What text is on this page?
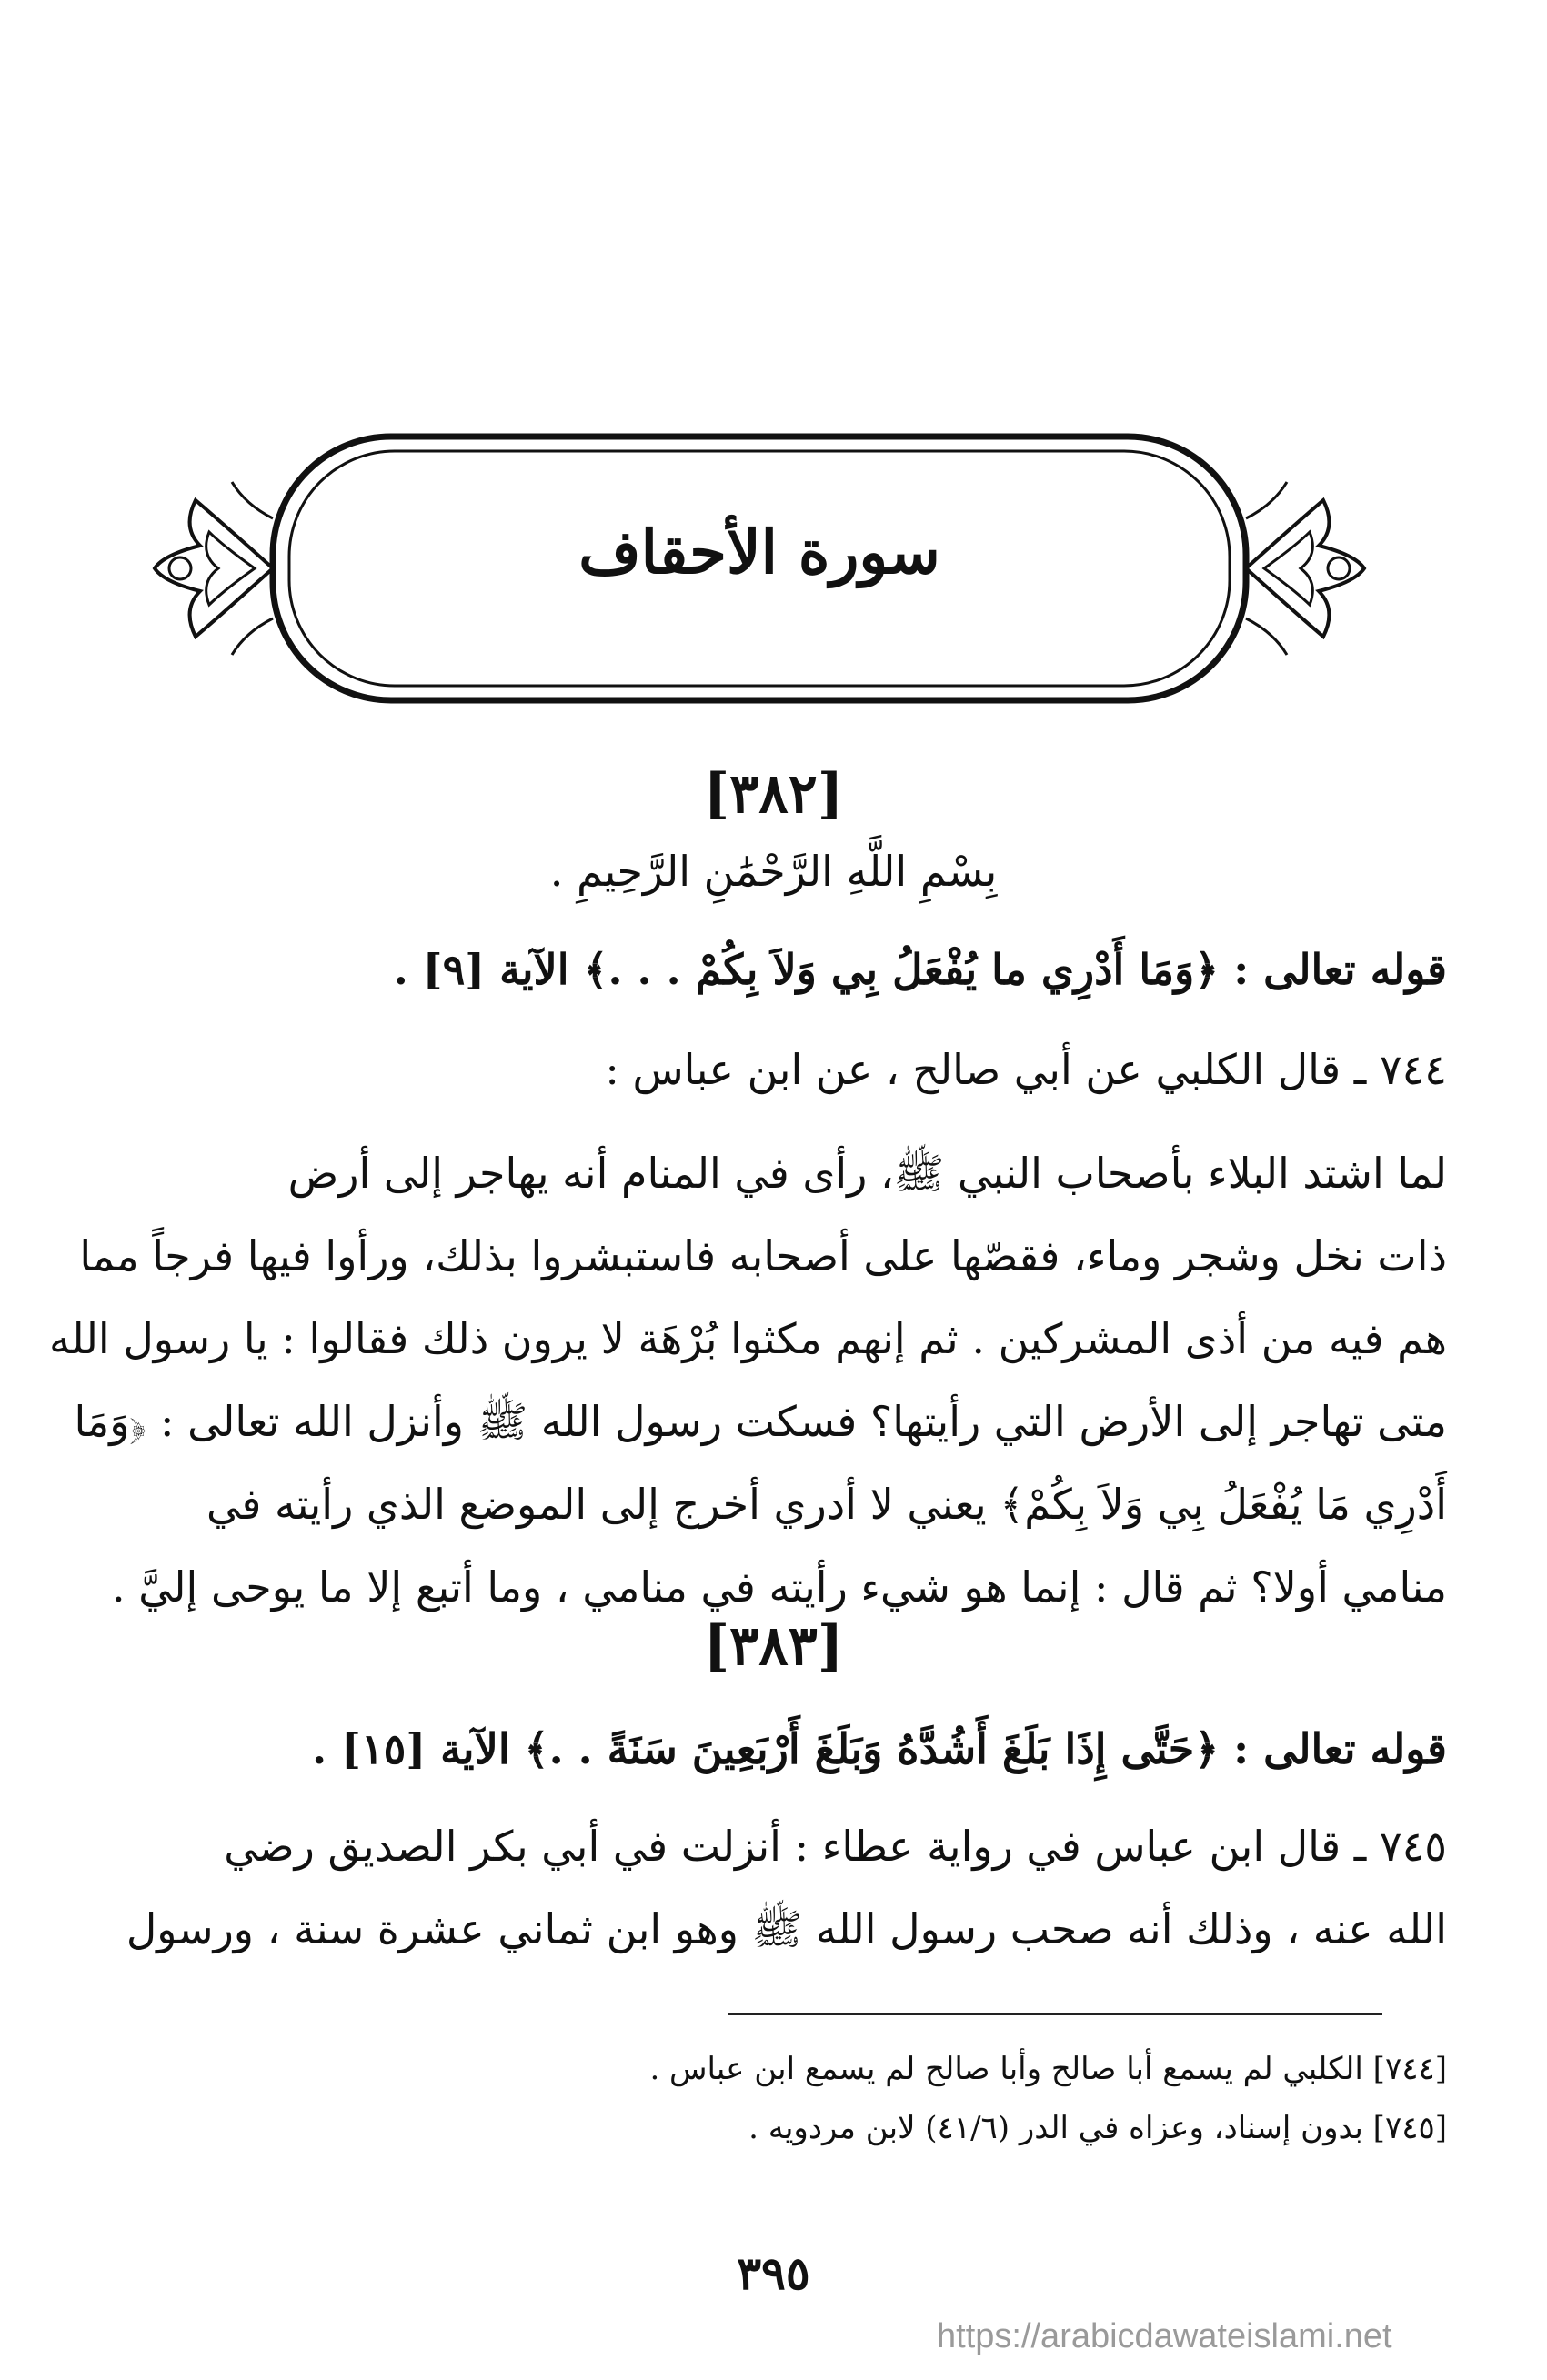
سورة الأحقاف
[٣٨٢]
بِسْمِ اللَّهِ الرَّحْمَٰنِ الرَّحِيمِ .
قوله تعالى : ﴿وَمَا أَدْرِي ما يُفْعَلُ بِي وَلاَ بِكُمْ . . .﴾ الآية [٩] .
٧٤٤ ـ قال الكلبي عن أبي صالح ، عن ابن عباس :
لما اشتد البلاء بأصحاب النبي ﷺ، رأى في المنام أنه يهاجر إلى أرض
ذات نخل وشجر وماء، فقصّها على أصحابه فاستبشروا بذلك، ورأوا فيها فرجاً مما
هم فيه من أذى المشركين . ثم إنهم مكثوا بُرْهَة لا يرون ذلك فقالوا : يا رسول الله
متى تهاجر إلى الأرض التي رأيتها؟ فسكت رسول الله ﷺ وأنزل الله تعالى : ﴿وَمَا
أَدْرِي مَا يُفْعَلُ بِي وَلاَ بِكُمْ﴾ يعني لا أدري أخرج إلى الموضع الذي رأيته في
منامي أولا؟ ثم قال : إنما هو شيء رأيته في منامي ، وما أتبع إلا ما يوحى إليَّ .
[٣٨٣]
قوله تعالى : ﴿حَتَّى إِذَا بَلَغَ أَشُدَّهُ وَبَلَغَ أَرْبَعِينَ سَنَةً . .﴾ الآية [١٥] .
٧٤٥ ـ قال ابن عباس في رواية عطاء : أنزلت في أبي بكر الصديق رضي
الله عنه ، وذلك أنه صحب رسول الله ﷺ وهو ابن ثماني عشرة سنة ، ورسول
[٧٤٤] الكلبي لم يسمع أبا صالح وأبا صالح لم يسمع ابن عباس .
[٧٤٥] بدون إسناد، وعزاه في الدر (٤١/٦) لابن مردويه .
٣٩٥
https://arabicdawateislami.net
